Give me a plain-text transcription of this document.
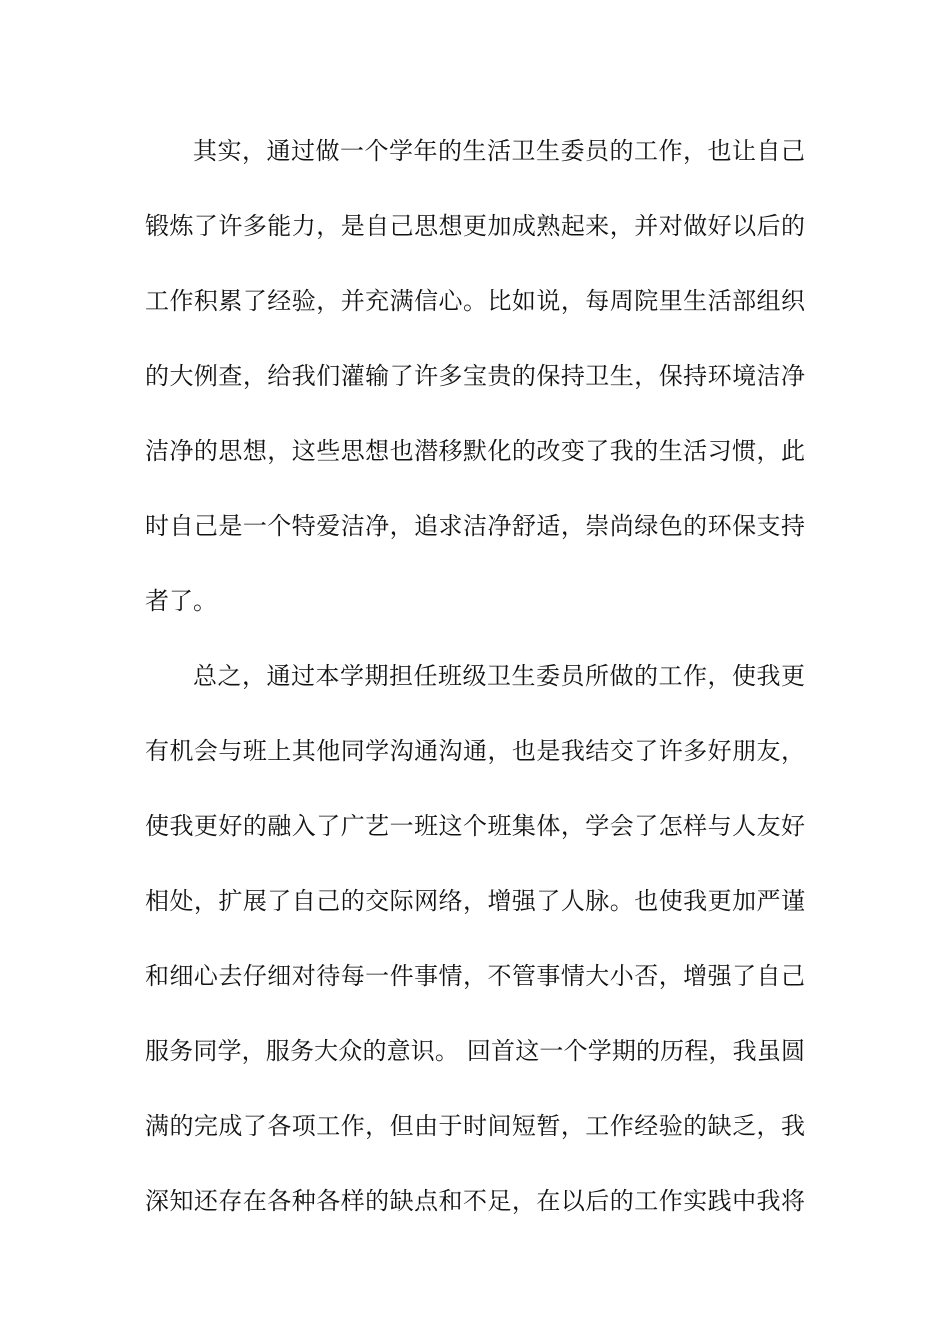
其实，通过做一个学年的生活卫生委员的工作，也让自己
锻炼了许多能力，是自己思想更加成熟起来，并对做好以后的
工作积累了经验，并充满信心。比如说，每周院里生活部组织
的大例查，给我们灌输了许多宝贵的保持卫生，保持环境洁净
洁净的思想，这些思想也潜移默化的改变了我的生活习惯，此
时自己是一个特爱洁净，追求洁净舒适，崇尚绿色的环保支持
者了。
总之，通过本学期担任班级卫生委员所做的工作，使我更
有机会与班上其他同学沟通沟通，也是我结交了许多好朋友，
使我更好的融入了广艺一班这个班集体，学会了怎样与人友好
相处，扩展了自己的交际网络，增强了人脉。也使我更加严谨
和细心去仔细对待每一件事情，不管事情大小否，增强了自己
服务同学，服务大众的意识。 回首这一个学期的历程，我虽圆
满的完成了各项工作，但由于时间短暂，工作经验的缺乏，我
深知还存在各种各样的缺点和不足，在以后的工作实践中我将
